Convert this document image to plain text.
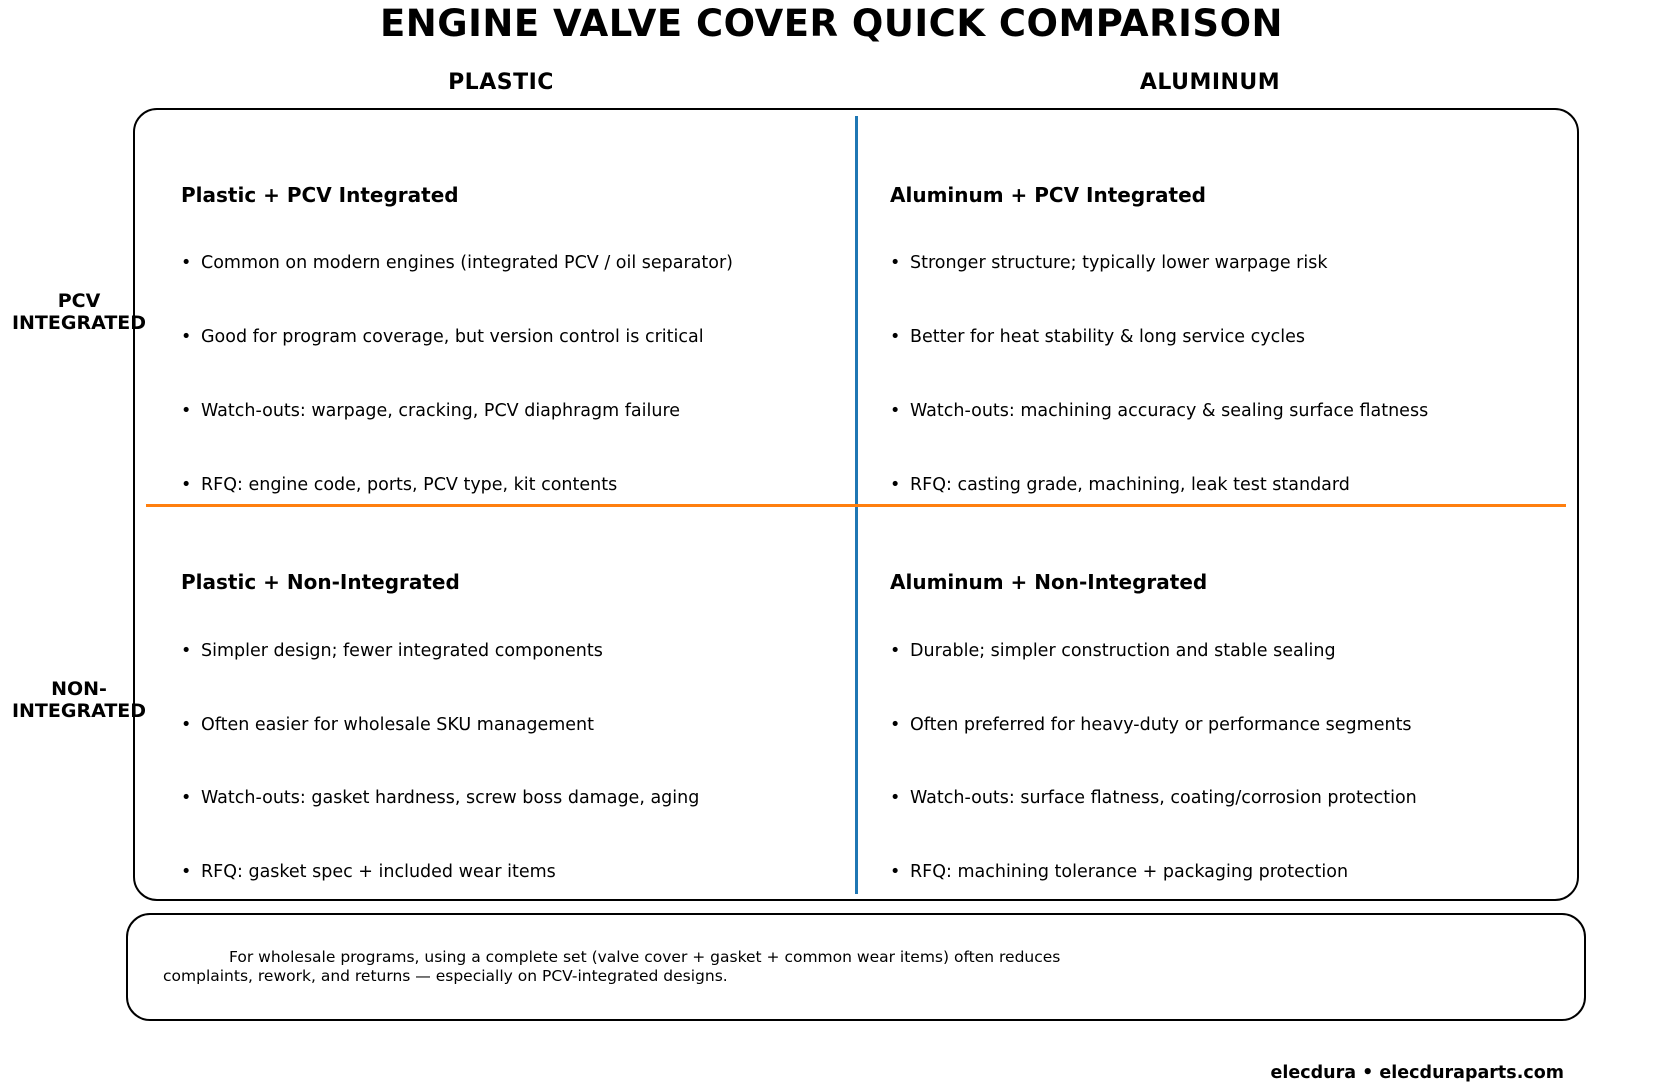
ENGINE VALVE COVER QUICK COMPARISON
PLASTIC	ALUMINUM
PCV
INTEGRATED
NON-
INTEGRATED
Plastic + PCV Integrated
• Common on modern engines (integrated PCV / oil separator)
• Good for program coverage, but version control is critical
• Watch-outs: warpage, cracking, PCV diaphragm failure
• RFQ: engine code, ports, PCV type, kit contents
Aluminum + PCV Integrated
• Stronger structure; typically lower warpage risk
• Better for heat stability & long service cycles
• Watch-outs: machining accuracy & sealing surface flatness
• RFQ: casting grade, machining, leak test standard
Plastic + Non-Integrated
• Simpler design; fewer integrated components
• Often easier for wholesale SKU management
• Watch-outs: gasket hardness, screw boss damage, aging
• RFQ: gasket spec + included wear items
Aluminum + Non-Integrated
• Durable; simpler construction and stable sealing
• Often preferred for heavy-duty or performance segments
• Watch-outs: surface flatness, coating/corrosion protection
• RFQ: machining tolerance + packaging protection
For wholesale programs, using a complete set (valve cover + gasket + common wear items) often reduces
complaints, rework, and returns — especially on PCV-integrated designs.
elecdura • elecduraparts.com
